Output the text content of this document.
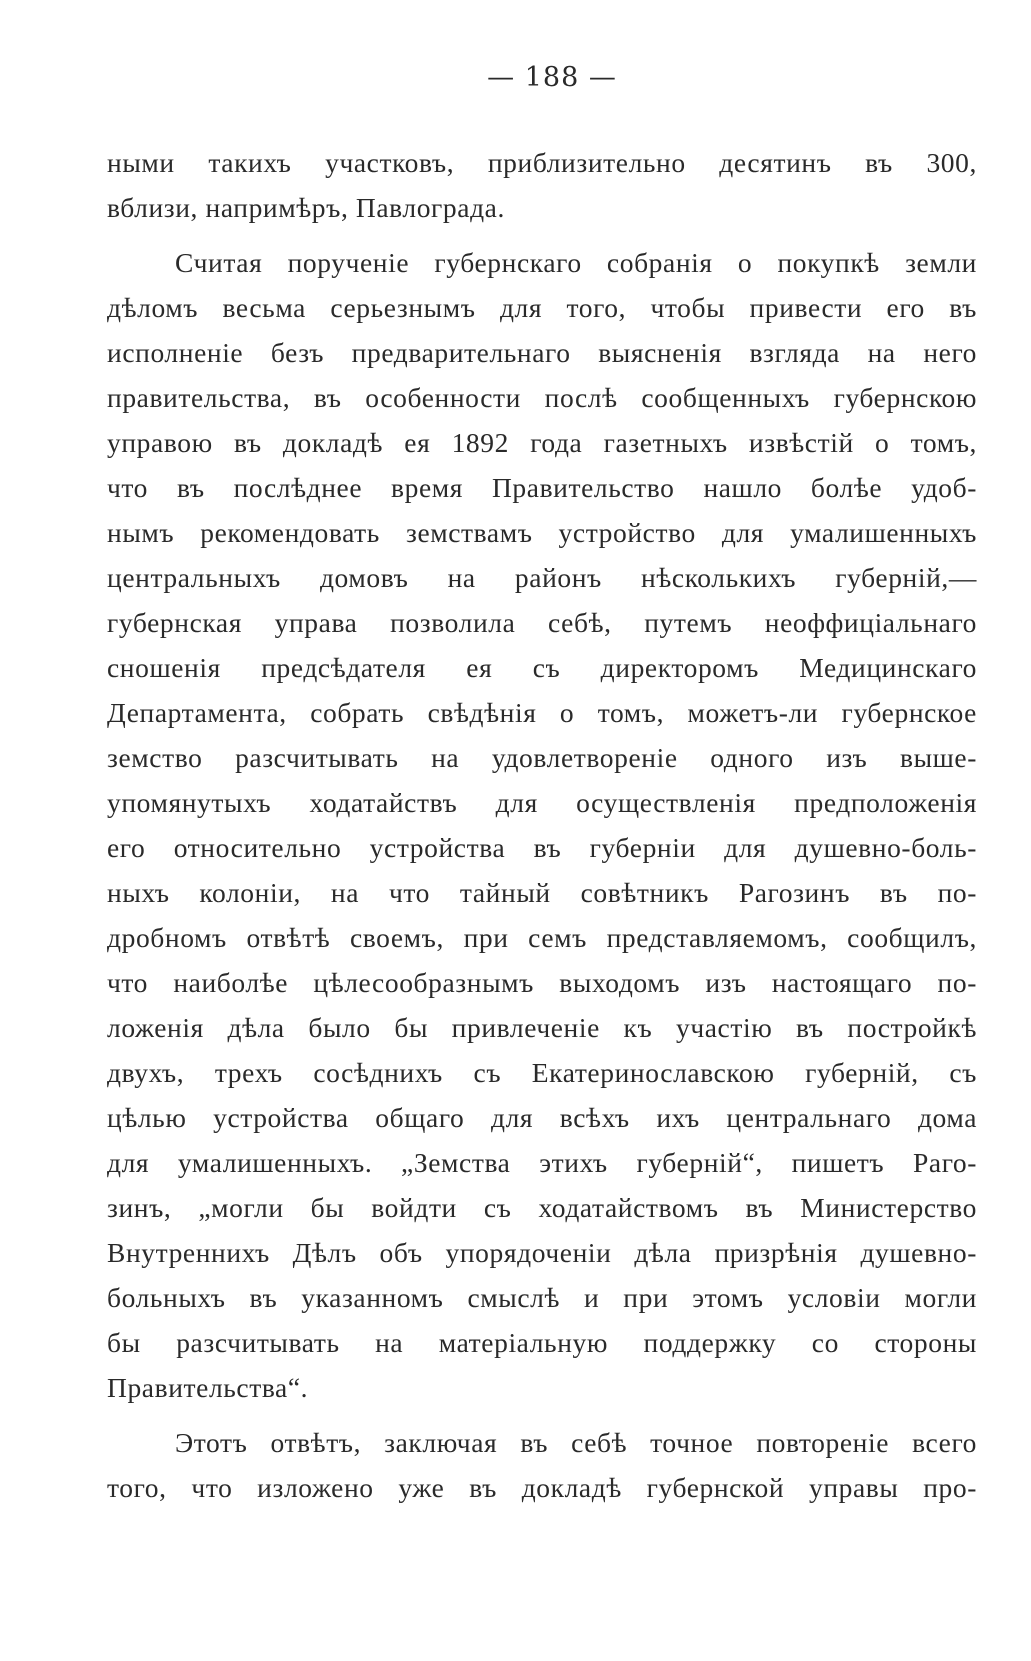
— 188 —
ными такихъ участковъ, приблизительно десятинъ въ 300,
вблизи, напримѣръ, Павлограда.
Считая порученіе губернскаго собранія о покупкѣ земли
дѣломъ весьма серьезнымъ для того, чтобы привести его въ
исполненіе безъ предварительнаго выясненія взгляда на него
правительства, въ особенности послѣ сообщенныхъ губернскою
управою въ докладѣ ея 1892 года газетныхъ извѣстій о томъ,
что въ послѣднее время Правительство нашло болѣе удоб-
нымъ рекомендовать земствамъ устройство для умалишенныхъ
центральныхъ домовъ на районъ нѣсколькихъ губерній,—
губернская управа позволила себѣ, путемъ неоффиціальнаго
сношенія предсѣдателя ея съ директоромъ Медицинскаго
Департамента, собрать свѣдѣнія о томъ, можетъ-ли губернское
земство разсчитывать на удовлетвореніе одного изъ выше-
упомянутыхъ ходатайствъ для осуществленія предположенія
его относительно устройства въ губерніи для душевно-боль-
ныхъ колоніи, на что тайный совѣтникъ Рагозинъ въ по-
дробномъ отвѣтѣ своемъ, при семъ представляемомъ, сообщилъ,
что наиболѣе цѣлесообразнымъ выходомъ изъ настоящаго по-
ложенія дѣла было бы привлеченіе къ участію въ постройкѣ
двухъ, трехъ сосѣднихъ съ Екатеринославскою губерній, съ
цѣлью устройства общаго для всѣхъ ихъ центральнаго дома
для умалишенныхъ. „Земства этихъ губерній“, пишетъ Раго-
зинъ, „могли бы войдти съ ходатайствомъ въ Министерство
Внутреннихъ Дѣлъ объ упорядоченіи дѣла призрѣнія душевно-
больныхъ въ указанномъ смыслѣ и при этомъ условіи могли
бы разсчитывать на матеріальную поддержку со стороны
Правительства“.
Этотъ отвѣтъ, заключая въ себѣ точное повтореніе всего
того, что изложено уже въ докладѣ губернской управы про-
